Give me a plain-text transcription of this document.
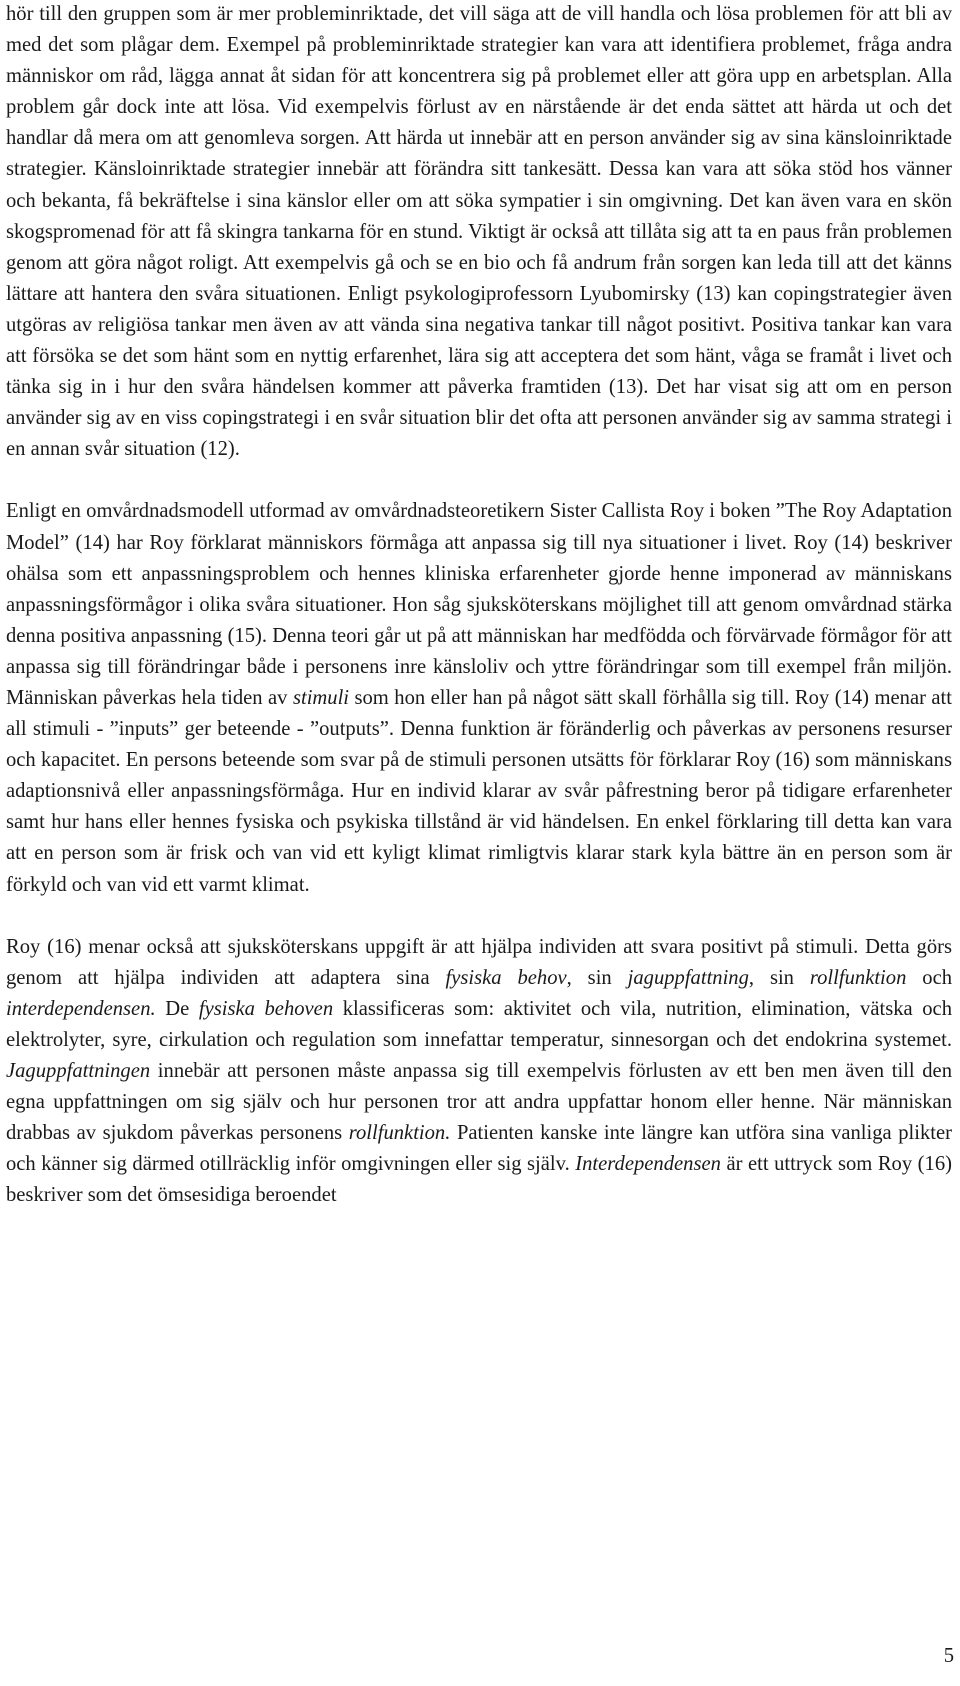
hör till den gruppen som är mer probleminriktade, det vill säga att de vill handla och lösa problemen för att bli av med det som plågar dem. Exempel på probleminriktade strategier kan vara att identifiera problemet, fråga andra människor om råd, lägga annat åt sidan för att koncentrera sig på problemet eller att göra upp en arbetsplan. Alla problem går dock inte att lösa. Vid exempelvis förlust av en närstående är det enda sättet att härda ut och det handlar då mera om att genomleva sorgen. Att härda ut innebär att en person använder sig av sina känsloinriktade strategier. Känsloinriktade strategier innebär att förändra sitt tankesätt. Dessa kan vara att söka stöd hos vänner och bekanta, få bekräftelse i sina känslor eller om att söka sympatier i sin omgivning. Det kan även vara en skön skogspromenad för att få skingra tankarna för en stund. Viktigt är också att tillåta sig att ta en paus från problemen genom att göra något roligt. Att exempelvis gå och se en bio och få andrum från sorgen kan leda till att det känns lättare att hantera den svåra situationen. Enligt psykologiprofessorn Lyubomirsky (13) kan copingstrategier även utgöras av religiösa tankar men även av att vända sina negativa tankar till något positivt. Positiva tankar kan vara att försöka se det som hänt som en nyttig erfarenhet, lära sig att acceptera det som hänt, våga se framåt i livet och tänka sig in i hur den svåra händelsen kommer att påverka framtiden (13). Det har visat sig att om en person använder sig av en viss copingstrategi i en svår situation blir det ofta att personen använder sig av samma strategi i en annan svår situation (12).

Enligt en omvårdnadsmodell utformad av omvårdnadsteoretikern Sister Callista Roy i boken ”The Roy Adaptation Model” (14) har Roy förklarat människors förmåga att anpassa sig till nya situationer i livet. Roy (14) beskriver ohälsa som ett anpassningsproblem och hennes kliniska erfarenheter gjorde henne imponerad av människans anpassningsförmågor i olika svåra situationer. Hon såg sjuksköterskans möjlighet till att genom omvårdnad stärka denna positiva anpassning (15). Denna teori går ut på att människan har medfödda och förvärvade förmågor för att anpassa sig till förändringar både i personens inre känsloliv och yttre förändringar som till exempel från miljön. Människan påverkas hela tiden av stimuli som hon eller han på något sätt skall förhålla sig till. Roy (14) menar att all stimuli - ”inputs” ger beteende - ”outputs”. Denna funktion är föränderlig och påverkas av personens resurser och kapacitet. En persons beteende som svar på de stimuli personen utsätts för förklarar Roy (16) som människans adaptionsnivå eller anpassningsförmåga. Hur en individ klarar av svår påfrestning beror på tidigare erfarenheter samt hur hans eller hennes fysiska och psykiska tillstånd är vid händelsen. En enkel förklaring till detta kan vara att en person som är frisk och van vid ett kyligt klimat rimligtvis klarar stark kyla bättre än en person som är förkyld och van vid ett varmt klimat.

Roy (16) menar också att sjuksköterskans uppgift är att hjälpa individen att svara positivt på stimuli. Detta görs genom att hjälpa individen att adaptera sina fysiska behov, sin jaguppfattning, sin rollfunktion och interdependensen. De fysiska behoven klassificeras som: aktivitet och vila, nutrition, elimination, vätska och elektrolyter, syre, cirkulation och regulation som innefattar temperatur, sinnesorgan och det endokrina systemet. Jaguppfattningen innebär att personen måste anpassa sig till exempelvis förlusten av ett ben men även till den egna uppfattningen om sig själv och hur personen tror att andra uppfattar honom eller henne. När människan drabbas av sjukdom påverkas personens rollfunktion. Patienten kanske inte längre kan utföra sina vanliga plikter och känner sig därmed otillräcklig inför omgivningen eller sig själv. Interdependensen är ett uttryck som Roy (16) beskriver som det ömsesidiga beroendet

5
